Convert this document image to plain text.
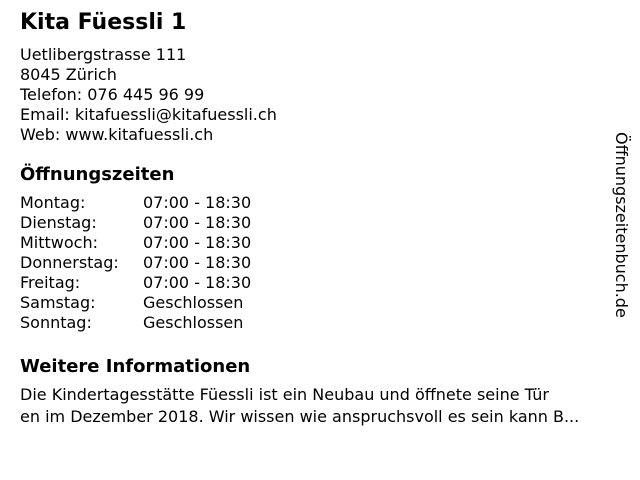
Kita Füessli 1
Uetlibergstrasse 111
8045 Zürich
Telefon: 076 445 96 99
Email: kitafuessli@kitafuessli.ch
Web: www.kitafuessli.ch
Öffnungszeiten
Montag:	07:00 - 18:30
Dienstag:	07:00 - 18:30
Mittwoch:	07:00 - 18:30
Donnerstag:	07:00 - 18:30
Freitag:	07:00 - 18:30
Samstag:	Geschlossen
Sonntag:	Geschlossen
Weitere Informationen
Die Kindertagesstätte Füessli ist ein Neubau und öffnete seine Tür
en im Dezember 2018. Wir wissen wie anspruchsvoll es sein kann B...
Öffnungszeitenbuch.de
